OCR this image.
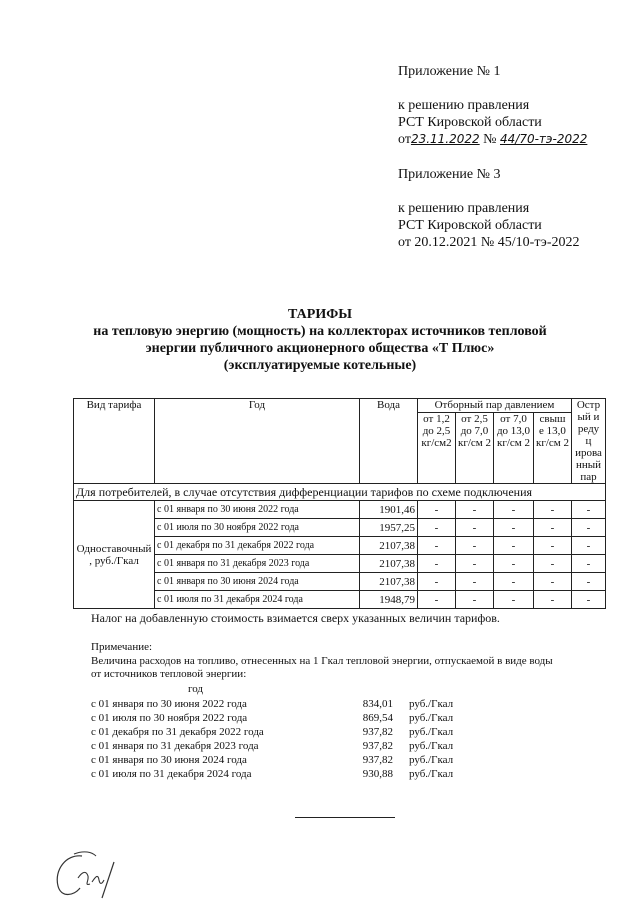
Приложение № 1
к решению правления
РСТ Кировской области
от23.11.2022 № 44/70-тэ-2022
Приложение № 3
к решению правления
РСТ Кировской области
от 20.12.2021 № 45/10-тэ-2022
ТАРИФЫ
на тепловую энергию (мощность) на коллекторах источников тепловой
энергии публичного акционерного общества «Т Плюс»
(эксплуатируемые котельные)
Вид тарифа	Год	Вода	Отборный пар давлением				Остр ый и реду ц ирова нный пар
			от 1,2 до 2,5 кг/см2	от 2,5 до 7,0 кг/см 2	от 7,0 до 13,0 кг/см 2	свыш е 13,0 кг/см 2	
Для потребителей, в случае отсутствия дифференциации тарифов по схеме подключения							
Одноставочный , руб./Гкал	с 01 января по 30 июня 2022 года	1901,46	-	-	-	-	-
	с 01 июля по 30 ноября 2022 года	1957,25	-	-	-	-	-
	с 01 декабря по 31 декабря 2022 года	2107,38	-	-	-	-	-
	с 01 января по 31 декабря 2023 года	2107,38	-	-	-	-	-
	с 01 января по 30 июня 2024 года	2107,38	-	-	-	-	-
	с 01 июля по 31 декабря 2024 года	1948,79	-	-	-	-	-
Налог на добавленную стоимость взимается сверх указанных величин тарифов.
Примечание:
Величина расходов на топливо, отнесенных на 1 Гкал тепловой энергии, отпускаемой в виде воды
от источников тепловой энергии:
год
с 01 января по 30 июня 2022 года	834,01 руб./Гкал
с 01 июля по 30 ноября 2022 года	869,54 руб./Гкал
с 01 декабря по 31 декабря 2022 года	937,82 руб./Гкал
с 01 января по 31 декабря 2023 года	937,82 руб./Гкал
с 01 января по 30 июня 2024 года	937,82 руб./Гкал
с 01 июля по 31 декабря 2024 года	930,88 руб./Гкал
